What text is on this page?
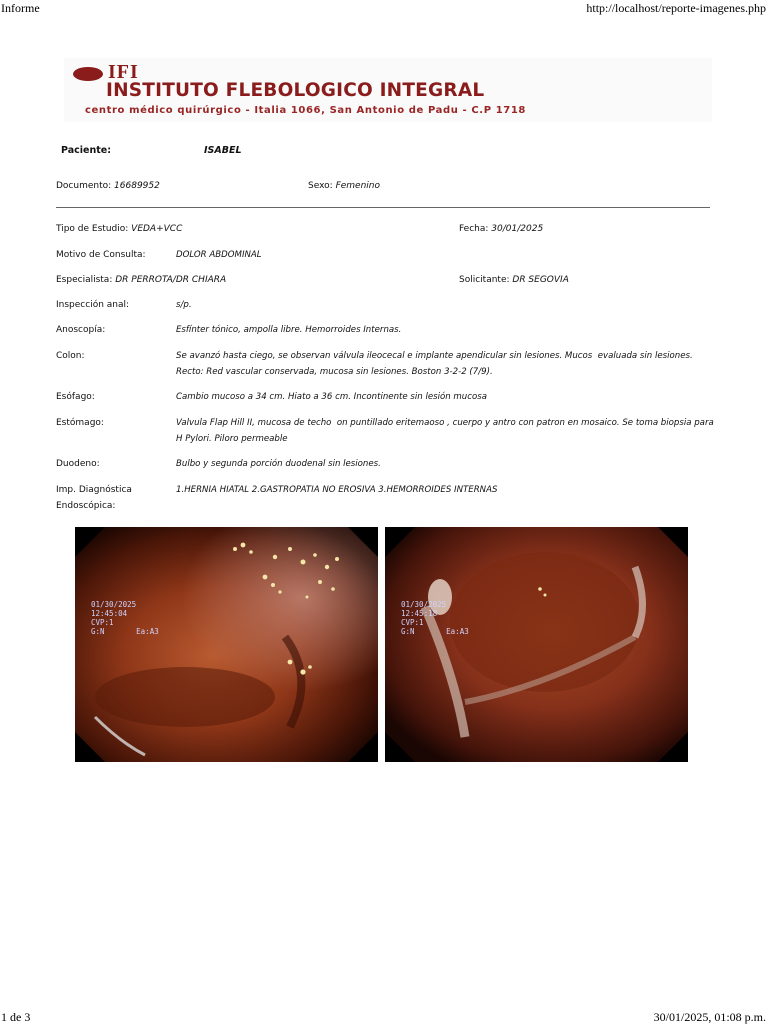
Informe	http://localhost/reporte-imagenes.php
1 de 3	30/01/2025, 01:08 p.m.
IFI
INSTITUTO FLEBOLOGICO INTEGRAL
centro médico quirúrgico - Italia 1066, San Antonio de Padu - C.P 1718
Paciente:	ISABEL
Documento: 16689952	Sexo: Femenino
Tipo de Estudio: VEDA+VCC	Fecha: 30/01/2025
Motivo de Consulta:	DOLOR ABDOMINAL
Especialista: DR PERROTA/DR CHIARA	Solicitante: DR SEGOVIA
Inspección anal:	s/p.
Anoscopía:	Esfínter tónico, ampolla libre. Hemorroides Internas.
Colon:	Se avanzó hasta ciego, se observan válvula ileocecal e implante apendicular sin lesiones. Mucos  evaluada sin lesiones. Recto: Red vascular conservada, mucosa sin lesiones. Boston 3-2-2 (7/9).
Esófago:	Cambio mucoso a 34 cm. Hiato a 36 cm. Incontinente sin lesión mucosa
Estómago:	Valvula Flap Hill II, mucosa de techo  on puntillado eritemaoso , cuerpo y antro con patron en mosaico. Se toma biopsia para H Pylori. Piloro permeable
Duodeno:	Bulbo y segunda porción duodenal sin lesiones.
Imp. Diagnóstica Endoscópica:
1.HERNIA HIATAL 2.GASTROPATIA NO EROSIVA 3.HEMORROIDES INTERNAS
01/30/2025
12:45:04
CVP:1
G:N       Ea:A3
01/30/2025
12:45:18
CVP:1
G:N       Ea:A3
